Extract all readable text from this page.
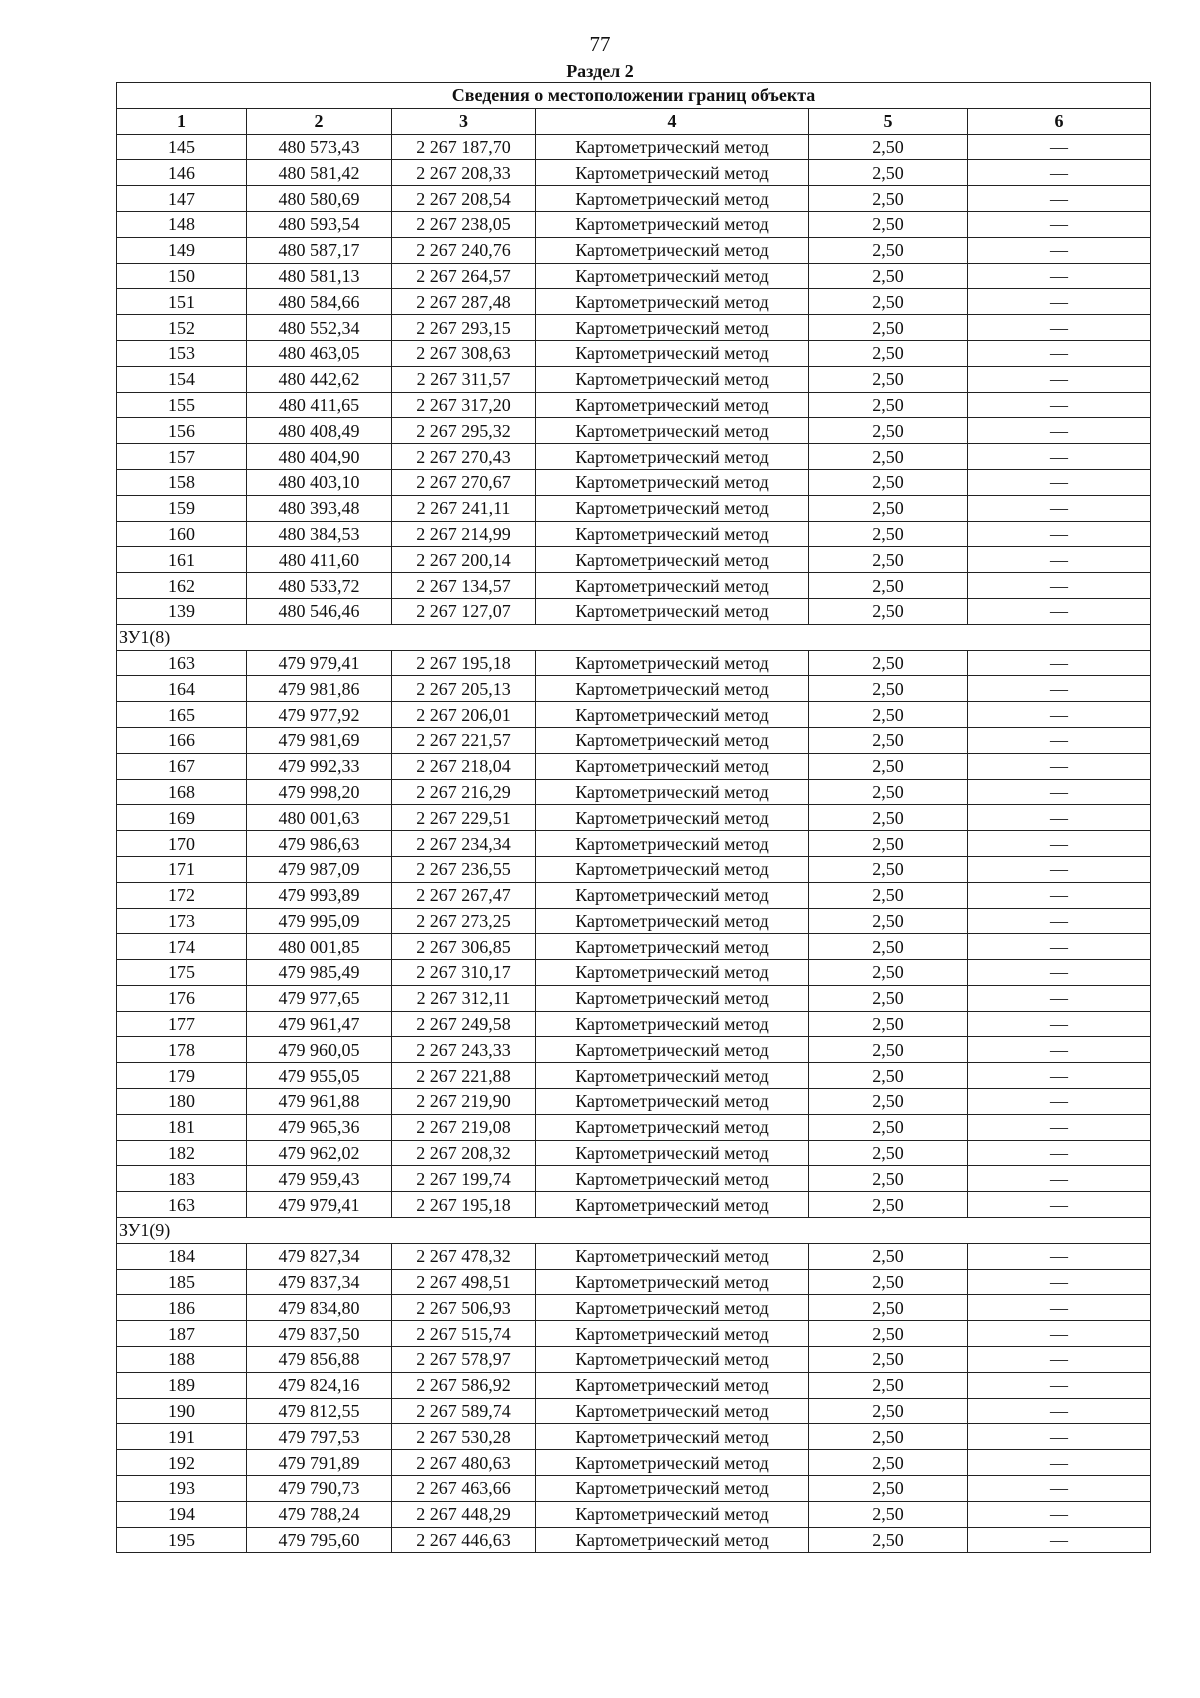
77
Раздел 2
Сведения о местоположении границ объекта					
1	2	3	4	5	6
145	480 573,43	2 267 187,70	Картометрический метод	2,50	—
146	480 581,42	2 267 208,33	Картометрический метод	2,50	—
147	480 580,69	2 267 208,54	Картометрический метод	2,50	—
148	480 593,54	2 267 238,05	Картометрический метод	2,50	—
149	480 587,17	2 267 240,76	Картометрический метод	2,50	—
150	480 581,13	2 267 264,57	Картометрический метод	2,50	—
151	480 584,66	2 267 287,48	Картометрический метод	2,50	—
152	480 552,34	2 267 293,15	Картометрический метод	2,50	—
153	480 463,05	2 267 308,63	Картометрический метод	2,50	—
154	480 442,62	2 267 311,57	Картометрический метод	2,50	—
155	480 411,65	2 267 317,20	Картометрический метод	2,50	—
156	480 408,49	2 267 295,32	Картометрический метод	2,50	—
157	480 404,90	2 267 270,43	Картометрический метод	2,50	—
158	480 403,10	2 267 270,67	Картометрический метод	2,50	—
159	480 393,48	2 267 241,11	Картометрический метод	2,50	—
160	480 384,53	2 267 214,99	Картометрический метод	2,50	—
161	480 411,60	2 267 200,14	Картометрический метод	2,50	—
162	480 533,72	2 267 134,57	Картометрический метод	2,50	—
139	480 546,46	2 267 127,07	Картометрический метод	2,50	—
ЗУ1(8)					
163	479 979,41	2 267 195,18	Картометрический метод	2,50	—
164	479 981,86	2 267 205,13	Картометрический метод	2,50	—
165	479 977,92	2 267 206,01	Картометрический метод	2,50	—
166	479 981,69	2 267 221,57	Картометрический метод	2,50	—
167	479 992,33	2 267 218,04	Картометрический метод	2,50	—
168	479 998,20	2 267 216,29	Картометрический метод	2,50	—
169	480 001,63	2 267 229,51	Картометрический метод	2,50	—
170	479 986,63	2 267 234,34	Картометрический метод	2,50	—
171	479 987,09	2 267 236,55	Картометрический метод	2,50	—
172	479 993,89	2 267 267,47	Картометрический метод	2,50	—
173	479 995,09	2 267 273,25	Картометрический метод	2,50	—
174	480 001,85	2 267 306,85	Картометрический метод	2,50	—
175	479 985,49	2 267 310,17	Картометрический метод	2,50	—
176	479 977,65	2 267 312,11	Картометрический метод	2,50	—
177	479 961,47	2 267 249,58	Картометрический метод	2,50	—
178	479 960,05	2 267 243,33	Картометрический метод	2,50	—
179	479 955,05	2 267 221,88	Картометрический метод	2,50	—
180	479 961,88	2 267 219,90	Картометрический метод	2,50	—
181	479 965,36	2 267 219,08	Картометрический метод	2,50	—
182	479 962,02	2 267 208,32	Картометрический метод	2,50	—
183	479 959,43	2 267 199,74	Картометрический метод	2,50	—
163	479 979,41	2 267 195,18	Картометрический метод	2,50	—
ЗУ1(9)					
184	479 827,34	2 267 478,32	Картометрический метод	2,50	—
185	479 837,34	2 267 498,51	Картометрический метод	2,50	—
186	479 834,80	2 267 506,93	Картометрический метод	2,50	—
187	479 837,50	2 267 515,74	Картометрический метод	2,50	—
188	479 856,88	2 267 578,97	Картометрический метод	2,50	—
189	479 824,16	2 267 586,92	Картометрический метод	2,50	—
190	479 812,55	2 267 589,74	Картометрический метод	2,50	—
191	479 797,53	2 267 530,28	Картометрический метод	2,50	—
192	479 791,89	2 267 480,63	Картометрический метод	2,50	—
193	479 790,73	2 267 463,66	Картометрический метод	2,50	—
194	479 788,24	2 267 448,29	Картометрический метод	2,50	—
195	479 795,60	2 267 446,63	Картометрический метод	2,50	—
